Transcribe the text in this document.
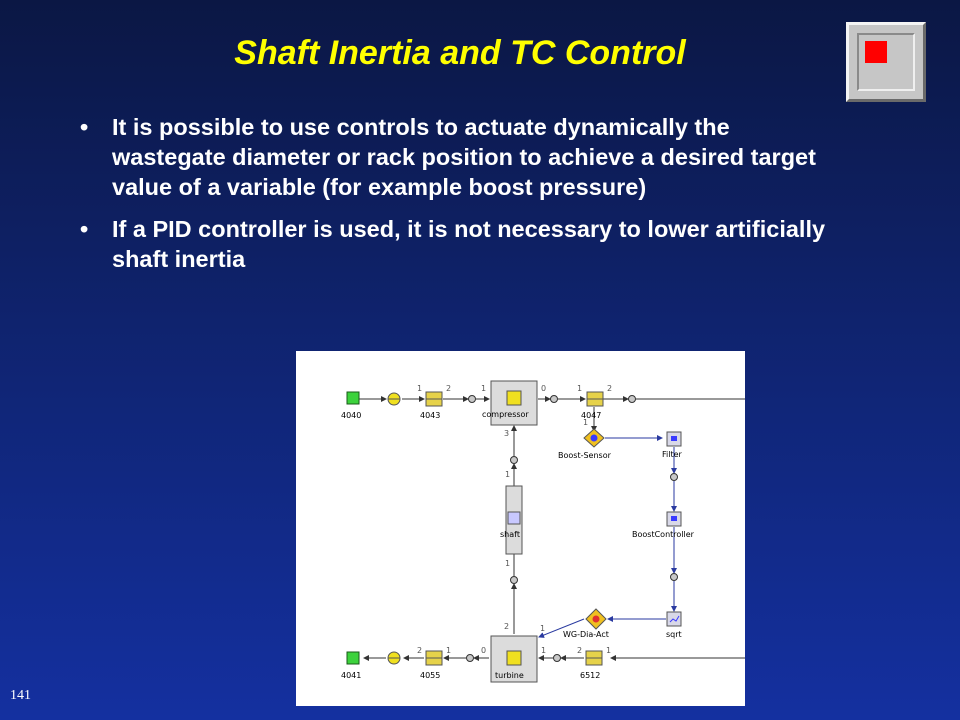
Shaft Inertia and TC Control
• It is possible to use controls to actuate dynamically the wastegate diameter or rack position to achieve a desired target value of a variable (for example boost pressure)
• If a PID controller is used, it is not necessary to lower artificially shaft inertia
4040	4043
1	2
compressor
1	0
3
4047
1	2
1
Boost-Sensor	Filter
shaft
1
1
BoostController
sqrt
WG-Dia-Act
1
turbine
2
0	1
6512
2	1
4055
2	1
4041
141
